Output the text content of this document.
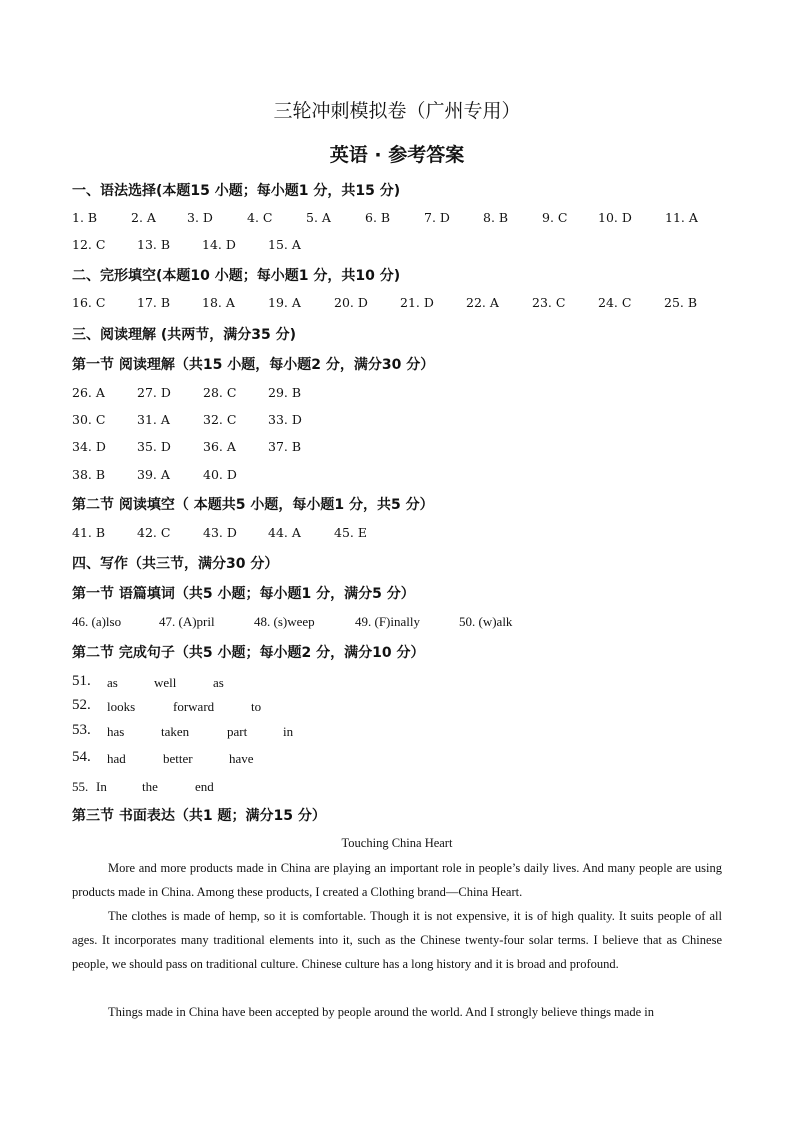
三轮冲刺模拟卷（广州专用）
英语 · 参考答案
一、语法选择(本题15 小题；每小题1 分，共15 分)
1. B	2. A 3. D	4. C	5. A	6. B	7. D	8. B	9. C 10. D	11. A
12. C	13. B	14. D	15. A
二、完形填空(本题10 小题；每小题1 分，共10 分)
16. C	17. B	18. A	19. A	20. D	21. D	22. A	23. C	24. C	25. B
三、阅读理解 (共两节，满分35 分)
第一节 阅读理解（共15 小题，每小题2 分，满分30 分）
26. A	27. D	28. C	29. B
30. C	31. A	32. C	33. D
34. D 35. D	36. A	37. B
38. B	39. A	40. D
第二节 阅读填空（ 本题共5 小题，每小题1 分，共5 分）
41. B	42. C	43. D 44. A	45. E
四、写作（共三节，满分30 分）
第一节 语篇填词（共5 小题；每小题1 分，满分5 分）
46. (a)lso	47. (A)pril	48. (s)weep	49. (F)inally	50. (w)alk
第二节 完成句子（共5 小题；每小题2 分，满分10 分）
51. as	well	as
52. looks	forward	to
53. has	taken	part	in
54. had	better	have
55. In	the	end
第三节 书面表达（共1 题；满分15 分）
Touching China Heart

More and more products made in China are playing an important role in people’s daily lives. And many people are using products made in China. Among these products, I created a Clothing brand—China Heart.

The clothes is made of hemp, so it is comfortable. Though it is not expensive, it is of high quality. It suits people of all ages. It incorporates many traditional elements into it, such as the Chinese twenty-four solar terms. I believe that as Chinese people, we should pass on traditional culture. Chinese culture has a long history and it is broad and profound.

Things made in China have been accepted by people around the world. And I strongly believe things made in
